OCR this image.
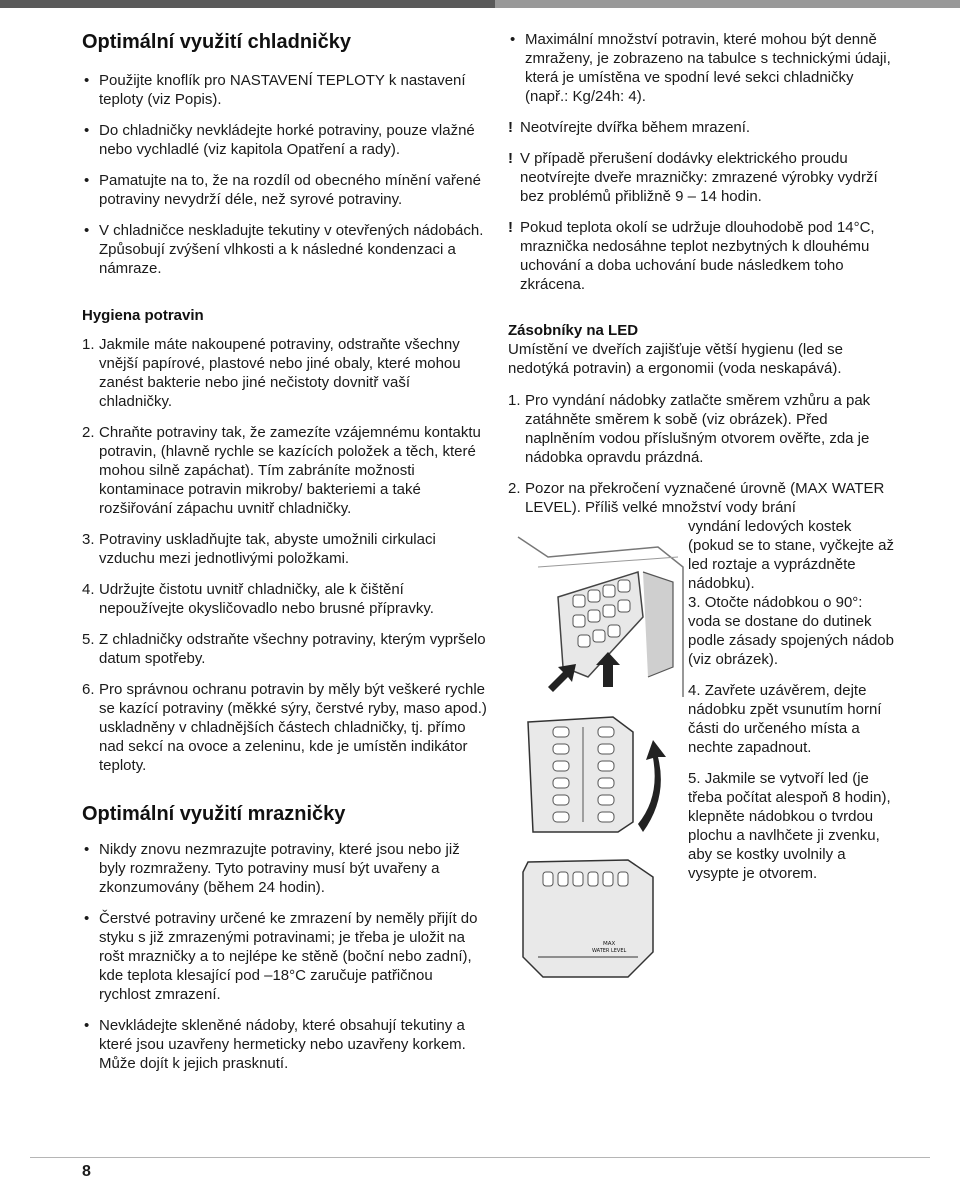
Optimální využití chladničky
• Použijte knoflík pro NASTAVENÍ TEPLOTY k nastavení teploty (viz Popis).
• Do chladničky nevkládejte horké potraviny, pouze vlažné nebo vychladlé (viz kapitola Opatření a rady).
• Pamatujte na to, že na rozdíl od obecného mínění vařené potraviny nevydrží déle, než syrové potraviny.
• V chladničce neskladujte tekutiny v otevřených nádobách. Způsobují zvýšení vlhkosti a k následné kondenzaci a námraze.
Hygiena potravin
1. Jakmile máte nakoupené potraviny, odstraňte všechny vnější papírové, plastové nebo jiné obaly, které mohou zanést bakterie nebo jiné nečistoty dovnitř vaší chladničky.
2. Chraňte potraviny tak, že zamezíte vzájemnému kontaktu potravin, (hlavně rychle se kazících položek a těch, které mohou silně zapáchat). Tím zabráníte možnosti kontaminace potravin mikroby/ bakteriemi a také rozšiřování zápachu uvnitř chladničky.
3. Potraviny uskladňujte tak, abyste umožnili cirkulaci vzduchu mezi jednotlivými položkami.
4. Udržujte čistotu uvnitř chladničky, ale k čištění nepoužívejte okysličovadlo nebo brusné přípravky.
5. Z chladničky odstraňte všechny potraviny, kterým vypršelo datum spotřeby.
6. Pro správnou ochranu potravin by měly být veškeré rychle se kazící potraviny (měkké sýry, čerstvé ryby, maso apod.) uskladněny v chladnějších částech chladničky, tj. přímo nad sekcí na ovoce a zeleninu, kde je umístěn indikátor teploty.
Optimální využití mrazničky
• Nikdy znovu nezmrazujte potraviny, které jsou nebo již byly rozmraženy. Tyto potraviny musí být uvařeny a zkonzumovány (během 24 hodin).
• Čerstvé potraviny určené ke zmrazení by neměly přijít do styku s již zmrazenými potravinami; je třeba je uložit na rošt mrazničky a to nejlépe ke stěně (boční nebo zadní), kde teplota klesající pod –18°C zaručuje patřičnou rychlost zmrazení.
• Nevkládejte skleněné nádoby, které obsahují tekutiny a které jsou uzavřeny hermeticky nebo uzavřeny korkem. Může dojít k jejich prasknutí.
• Maximální množství potravin, které mohou být denně zmraženy, je zobrazeno na tabulce s technickými údaji, která je umístěna ve spodní levé sekci chladničky (např.: Kg/24h: 4).
! Neotvírejte dvířka během mrazení.
! V případě přerušení dodávky elektrického proudu neotvírejte dveře mrazničky: zmrazené výrobky vydrží bez problémů přibližně 9 – 14 hodin.
! Pokud teplota okolí se udržuje dlouhodobě pod 14°C, mraznička nedosáhne teplot nezbytných k dlouhému uchování a doba uchování bude následkem toho zkrácena.
Zásobníky na LED

Umístění ve dveřích zajišťuje větší hygienu (led se nedotýká potravin) a ergonomii (voda neskapává).

1. Pro vyndání nádobky zatlačte směrem vzhůru a pak zatáhněte směrem k sobě (viz obrázek). Před naplněním vodou příslušným otvorem ověřte, zda je nádobka opravdu prázdná.
2. Pozor na překročení vyznačené úrovně (MAX WATER LEVEL). Příliš velké množství vody brání

vyndání ledových kostek (pokud se to stane, vyčkejte až led roztaje a vyprázdněte nádobku).

3. Otočte nádobkou o 90°: voda se dostane do dutinek podle zásady spojených nádob (viz obrázek).
4. Zavřete uzávěrem, dejte nádobku zpět vsunutím horní části do určeného místa a nechte zapadnout.
5. Jakmile se vytvoří led (je třeba počítat alespoň 8 hodin), klepněte nádobkou o tvrdou plochu a navlhčete ji zvenku, aby se kostky uvolnily a vysypte je otvorem.
MAX
WATER LEVEL
8
